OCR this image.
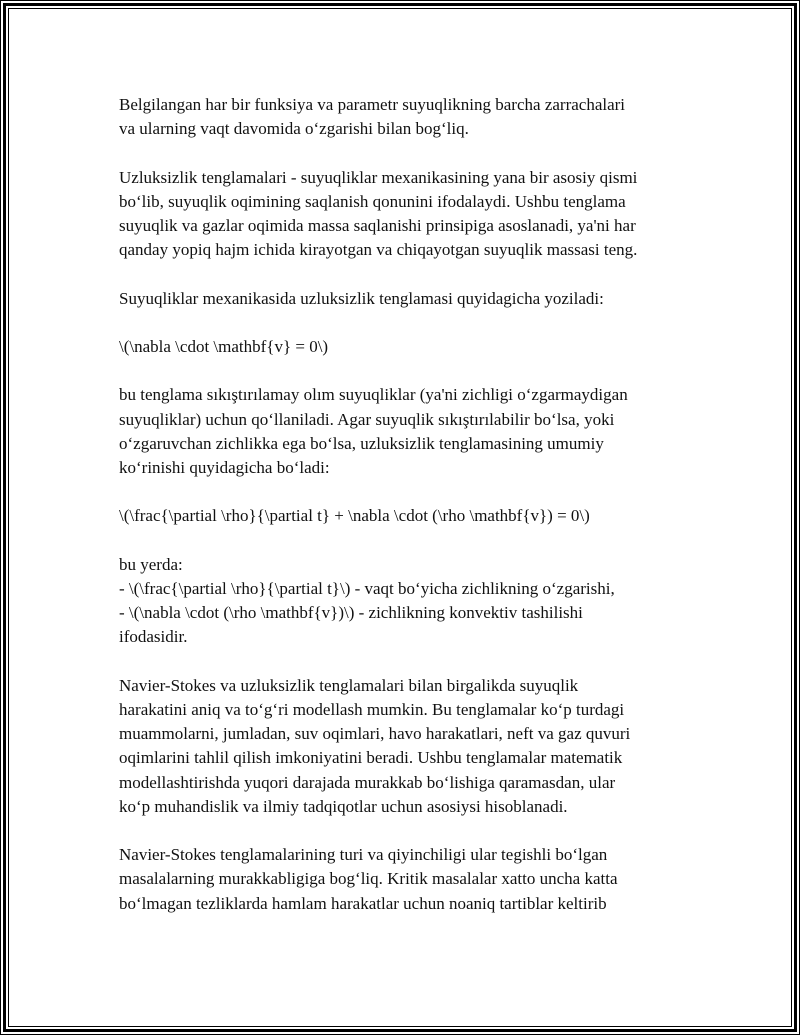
Belgilangan har bir funksiya va parametr suyuqlikning barcha zarrachalari
va ularning vaqt davomida oʻzgarishi bilan bogʻliq.
Uzluksizlik tenglamalari - suyuqliklar mexanikasining yana bir asosiy qismi
boʻlib, suyuqlik oqimining saqlanish qonunini ifodalaydi. Ushbu tenglama
suyuqlik va gazlar oqimida massa saqlanishi prinsipiga asoslanadi, ya'ni har
qanday yopiq hajm ichida kirayotgan va chiqayotgan suyuqlik massasi teng.
Suyuqliklar mexanikasida uzluksizlik tenglamasi quyidagicha yoziladi:
\(\nabla \cdot \mathbf{v} = 0\)
bu tenglama sıkıştırılamay olım suyuqliklar (ya'ni zichligi oʻzgarmaydigan
suyuqliklar) uchun qoʻllaniladi. Agar suyuqlik sıkıştırılabilir boʻlsa, yoki
oʻzgaruvchan zichlikka ega boʻlsa, uzluksizlik tenglamasining umumiy
koʻrinishi quyidagicha boʻladi:
\(\frac{\partial \rho}{\partial t} + \nabla \cdot (\rho \mathbf{v}) = 0\)
bu yerda:
- \(\frac{\partial \rho}{\partial t}\) - vaqt boʻyicha zichlikning oʻzgarishi,
- \(\nabla \cdot (\rho \mathbf{v})\) - zichlikning konvektiv tashilishi
ifodasidir.
Navier-Stokes va uzluksizlik tenglamalari bilan birgalikda suyuqlik
harakatini aniq va toʻgʻri modellash mumkin. Bu tenglamalar koʻp turdagi
muammolarni, jumladan, suv oqimlari, havo harakatlari, neft va gaz quvuri
oqimlarini tahlil qilish imkoniyatini beradi. Ushbu tenglamalar matematik
modellashtirishda yuqori darajada murakkab boʻlishiga qaramasdan, ular
koʻp muhandislik va ilmiy tadqiqotlar uchun asosiysi hisoblanadi.
Navier-Stokes tenglamalarining turi va qiyinchiligi ular tegishli boʻlgan
masalalarning murakkabligiga bogʻliq. Kritik masalalar xatto uncha katta
boʻlmagan tezliklarda hamlam harakatlar uchun noaniq tartiblar keltirib
